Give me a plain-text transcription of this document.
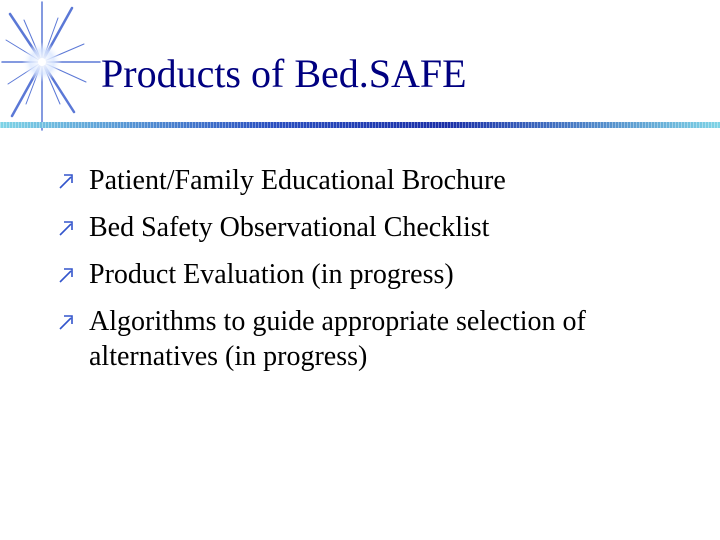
Products of Bed.SAFE
Patient/Family Educational Brochure
Bed Safety Observational Checklist
Product Evaluation (in progress)
Algorithms to guide appropriate selection of alternatives (in progress)
